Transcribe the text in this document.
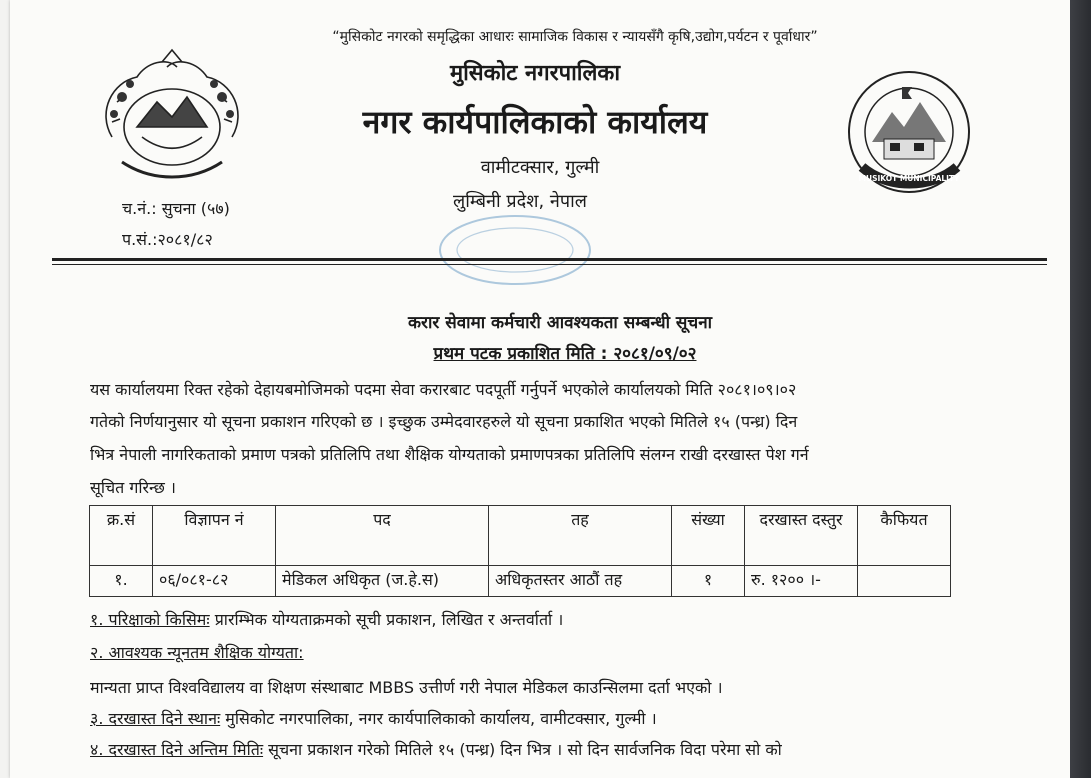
MUSIKOT MUNICIPALITY
“मुसिकोट नगरको समृद्धिका आधारः सामाजिक विकास र न्यायसँगै कृषि,उद्योग,पर्यटन र पूर्वाधार”
मुसिकोट नगरपालिका
नगर कार्यपालिकाको कार्यालय
वामीटक्सार, गुल्मी
लुम्बिनी प्रदेश, नेपाल
च.नं.: सुचना (५७)
प.सं.:२०८१/८२
करार सेवामा कर्मचारी आवश्यकता सम्बन्धी सूचना
प्रथम पटक प्रकाशित मिति : २०८१/०९/०२
यस कार्यालयमा रिक्त रहेको देहायबमोजिमको पदमा सेवा करारबाट पदपूर्ती गर्नुपर्ने भएकोले कार्यालयको मिति २०८१।०९।०२
गतेको निर्णयानुसार यो सूचना प्रकाशन गरिएको छ । इच्छुक उम्मेदवारहरुले यो सूचना प्रकाशित भएको मितिले १५ (पन्ध्र) दिन
भित्र नेपाली नागरिकताको प्रमाण पत्रको प्रतिलिपि तथा शैक्षिक योग्यताको प्रमाणपत्रका प्रतिलिपि संलग्न राखी दरखास्त पेश गर्न
सूचित गरिन्छ ।
क्र.सं	विज्ञापन नं	पद	तह	संख्या	दरखास्त दस्तुर	कैफियत
१.	०६/०८१-८२	मेडिकल अधिकृत (ज.हे.स)	अधिकृतस्तर आठौं तह	१	रु. १२०० ।-	
१. परिक्षाको किसिमः प्रारम्भिक योग्यताक्रमको सूची प्रकाशन, लिखित र अन्तर्वार्ता ।
२. आवश्यक न्यूनतम शैक्षिक योग्यता:
मान्यता प्राप्त विश्वविद्यालय वा शिक्षण संस्थाबाट MBBS उत्तीर्ण गरी नेपाल मेडिकल काउन्सिलमा दर्ता भएको ।
३. दरखास्त दिने स्थानः मुसिकोट नगरपालिका, नगर कार्यपालिकाको कार्यालय, वामीटक्सार, गुल्मी ।
४. दरखास्त दिने अन्तिम मितिः सूचना प्रकाशन गरेको मितिले १५ (पन्ध्र) दिन भित्र । सो दिन सार्वजनिक विदा परेमा सो को
